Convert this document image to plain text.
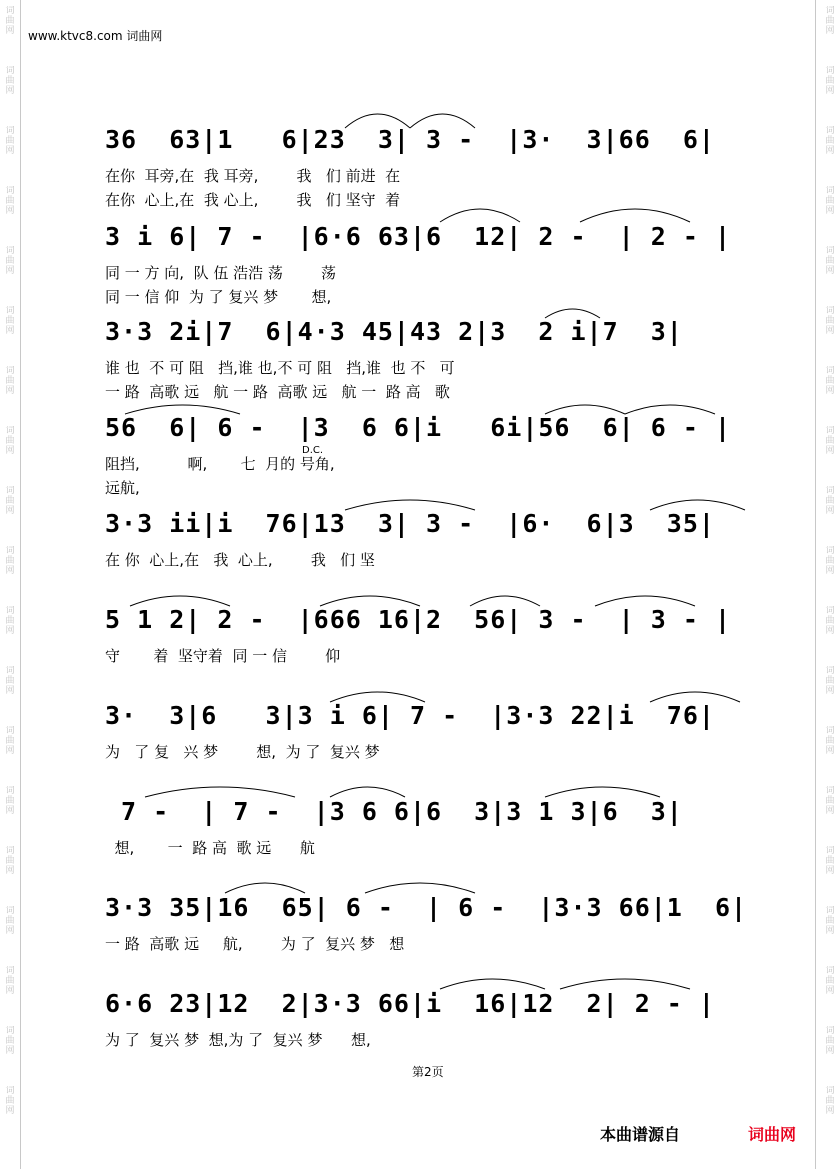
词
曲
网
词
曲
网
词
曲
网
词
曲
网
词
曲
网
词
曲
网
词
曲
网
词
曲
网
词
曲
网
词
曲
网
词
曲
网
词
曲
网
词
曲
网
词
曲
网
词
曲
网
词
曲
网
词
曲
网
词
曲
网
词
曲
网
词
曲
网
词
曲
网
词
曲
网
词
曲
网
词
曲
网
词
曲
网
词
曲
网
词
曲
网
词
曲
网
词
曲
网
词
曲
网
词
曲
网
词
曲
网
词
曲
网
词
曲
网
词
曲
网
词
曲
网
词
曲
网
词
曲
网
www.ktvc8.com 词曲网
36  63|1   6|23  3| 3 -  |3·  3|66  6|
在你  耳旁,在  我 耳旁,        我   们 前进  在
在你  心上,在  我 心上,        我   们 坚守  着
3 i 6| 7 -  |6·6 63|6  12| 2 -  | 2 - |
同 一 方 向,  队 伍 浩浩 荡        荡
同 一 信 仰  为 了 复兴 梦       想,
3·3 2i|7  6|4·3 45|43 2|3  2 i|7  3|
谁 也  不 可 阻   挡,谁 也,不 可 阻   挡,谁  也 不   可
一 路  高歌 远   航 一 路  高歌 远   航 一  路 高   歌
56  6| 6 -  |3  6 6|i   6i|56  6| 6 - |
阻挡,          啊,       七  月的 号角,
远航,
3·3 ii|i  76|13  3| 3 -  |6·  6|3  35|
在 你  心上,在   我  心上,        我   们 坚
5 1 2| 2 -  |666 16|2  56| 3 -  | 3 - |
守       着  坚守着  同 一 信        仰
3·  3|6   3|3 i 6| 7 -  |3·3 22|i  76|
为   了 复   兴 梦        想,  为 了  复兴 梦
7 -  | 7 -  |3 6 6|6  3|3 1 3|6  3|
想,       一  路 高  歌 远      航
3·3 35|16  65| 6 -  | 6 -  |3·3 66|1  6|
一 路  高歌 远     航,        为 了  复兴 梦   想
6·6 23|12  2|3·3 66|i  16|12  2| 2 - |
为 了  复兴 梦  想,为 了  复兴 梦      想,
D.C.
第2页
本曲谱源自	词曲网
